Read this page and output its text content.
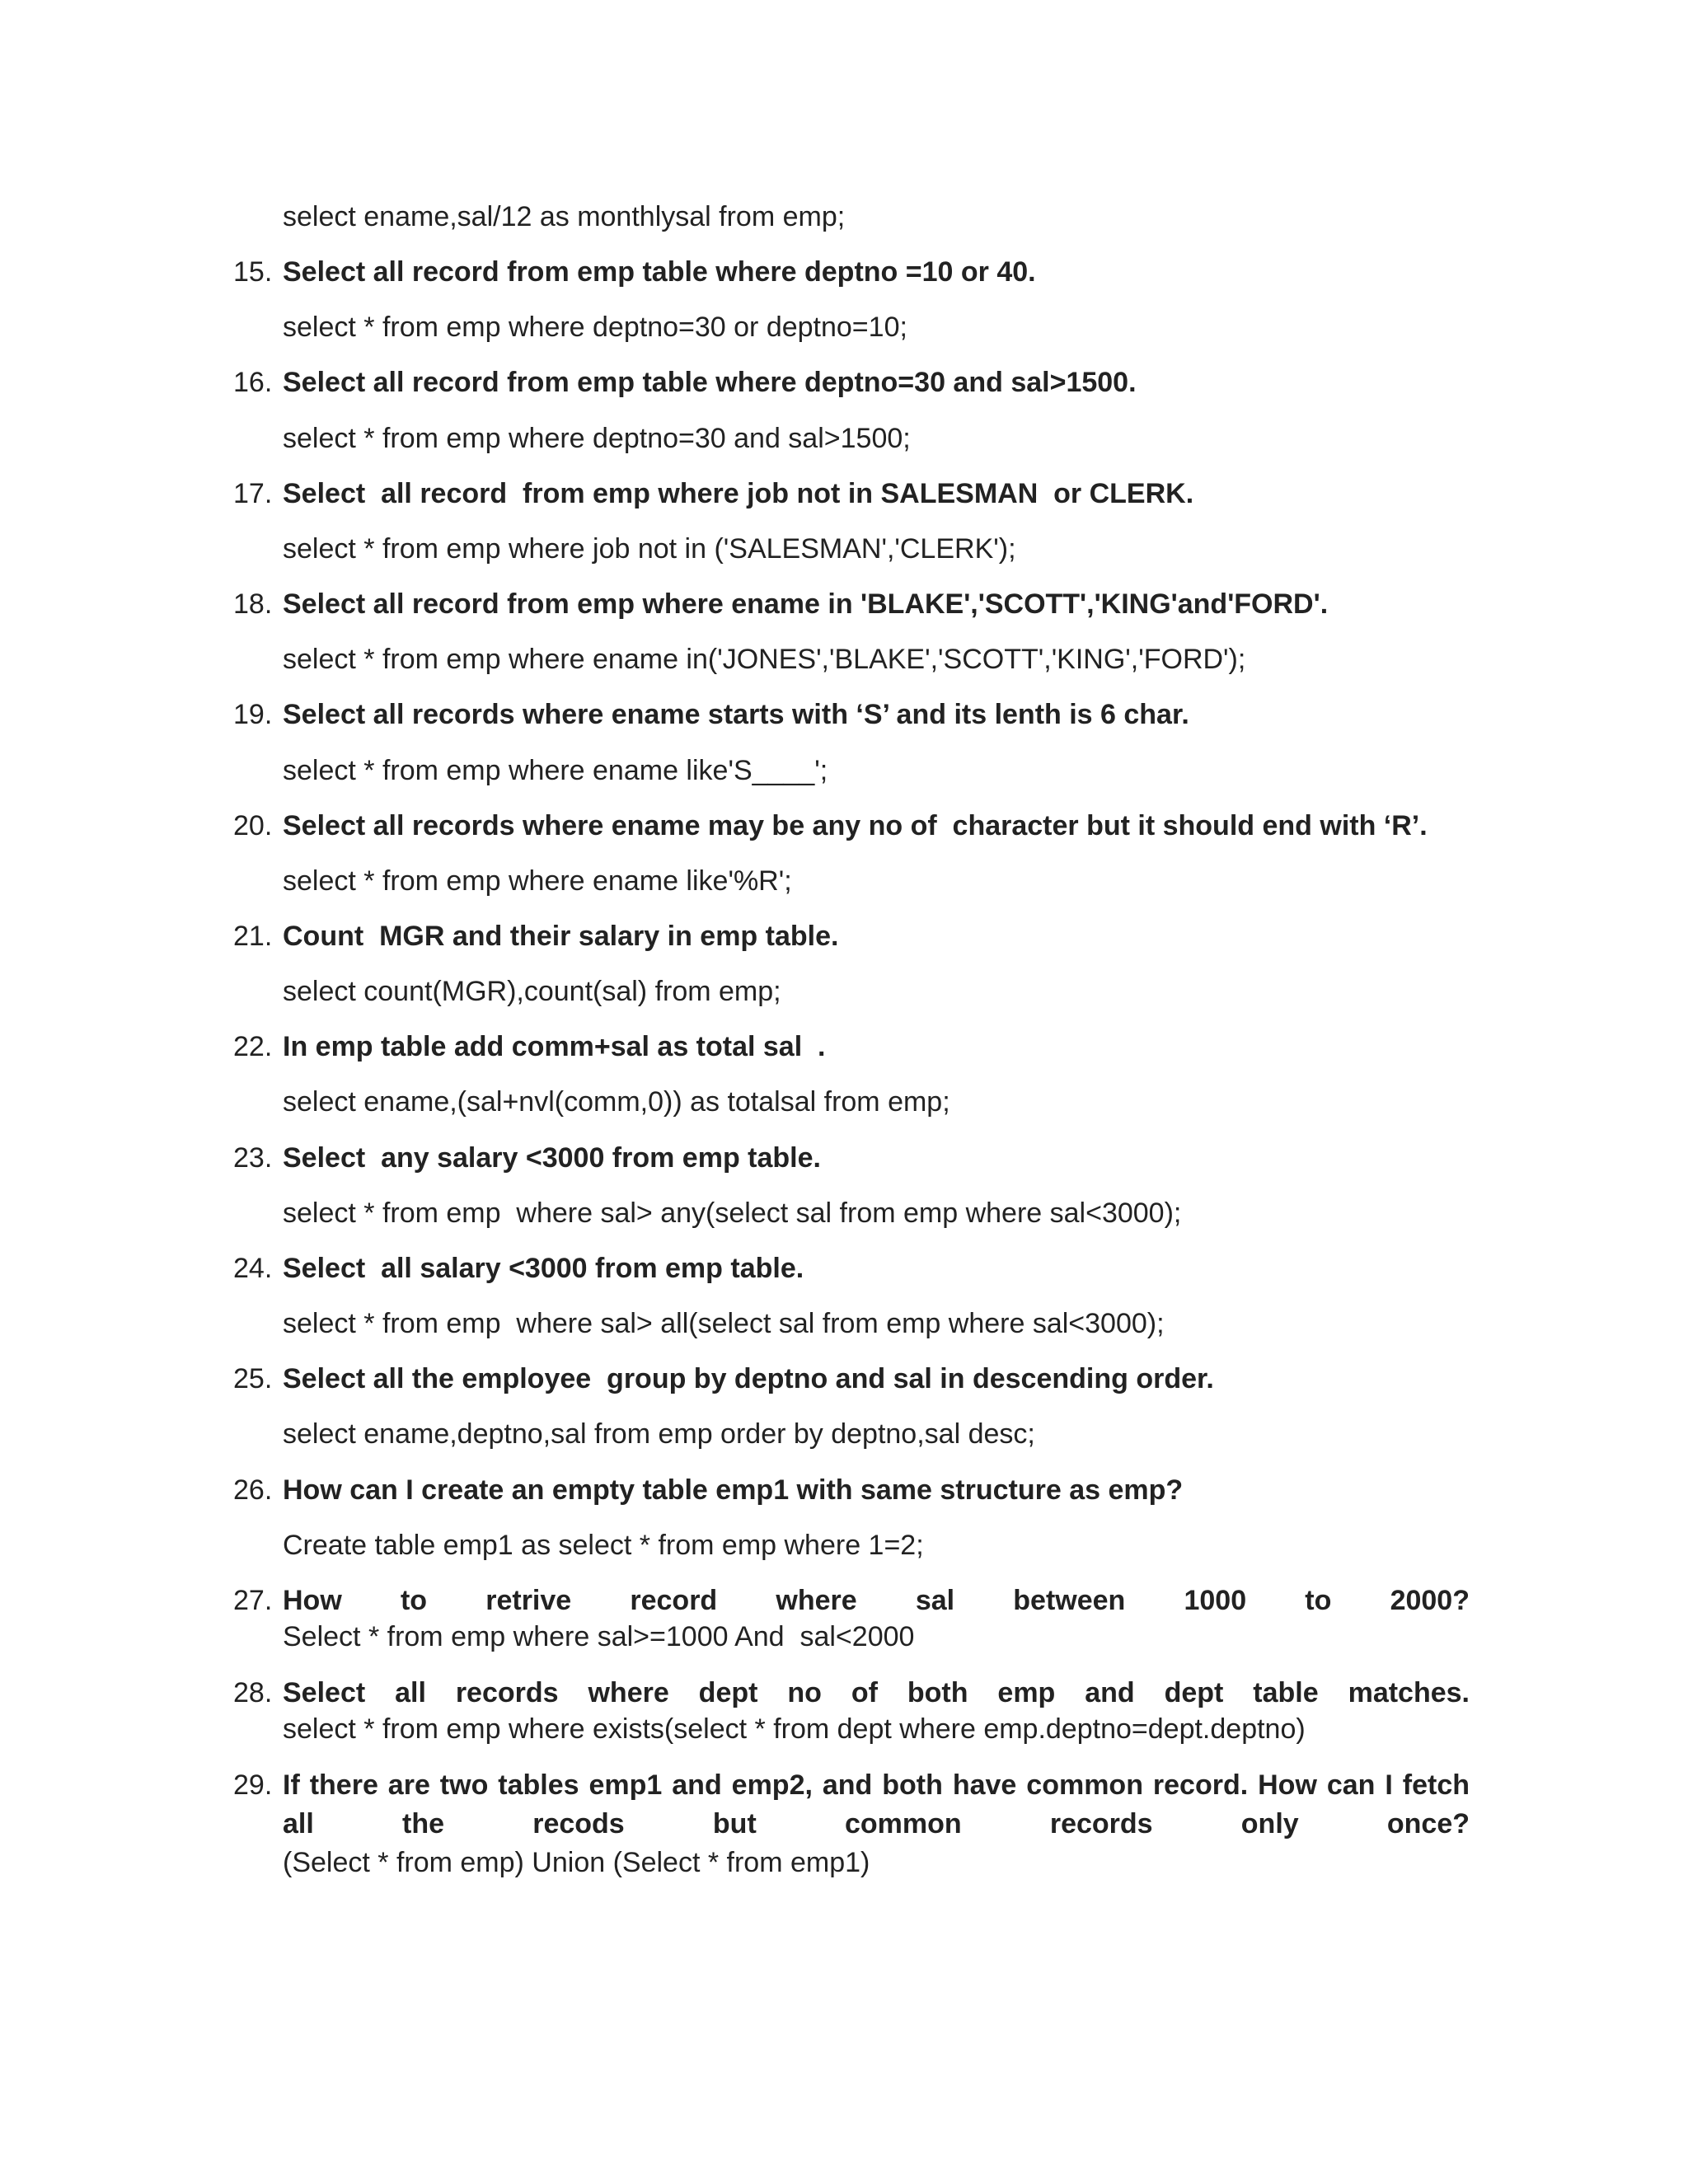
select ename,sal/12 as monthlysal from emp;
15. Select all record from emp table where deptno =10 or 40.
select * from emp where deptno=30 or deptno=10;
16. Select all record from emp table where deptno=30 and sal>1500.
select * from emp where deptno=30 and sal>1500;
17. Select  all record  from emp where job not in SALESMAN  or CLERK.
select * from emp where job not in ('SALESMAN','CLERK');
18. Select all record from emp where ename in 'BLAKE','SCOTT','KING'and'FORD'.
select * from emp where ename in('JONES','BLAKE','SCOTT','KING','FORD');
19. Select all records where ename starts with ‘S’ and its lenth is 6 char.
select * from emp where ename like'S____';
20. Select all records where ename may be any no of  character but it should end with ‘R’.
select * from emp where ename like'%R';
21. Count  MGR and their salary in emp table.
select count(MGR),count(sal) from emp;
22. In emp table add comm+sal as total sal  .
select ename,(sal+nvl(comm,0)) as totalsal from emp;
23. Select  any salary <3000 from emp table.
select * from emp  where sal> any(select sal from emp where sal<3000);
24. Select  all salary <3000 from emp table.
select * from emp  where sal> all(select sal from emp where sal<3000);
25. Select all the employee  group by deptno and sal in descending order.
select ename,deptno,sal from emp order by deptno,sal desc;
26. How can I create an empty table emp1 with same structure as emp?
Create table emp1 as select * from emp where 1=2;
27. How to retrive record where sal between 1000 to 2000?
Select * from emp where sal>=1000 And  sal<2000
28. Select all records where dept no of both emp and dept table matches.
select * from emp where exists(select * from dept where emp.deptno=dept.deptno)
29. If there are two tables emp1 and emp2, and both have common record. How can I fetch
all the recods but common records only once?
(Select * from emp) Union (Select * from emp1)
